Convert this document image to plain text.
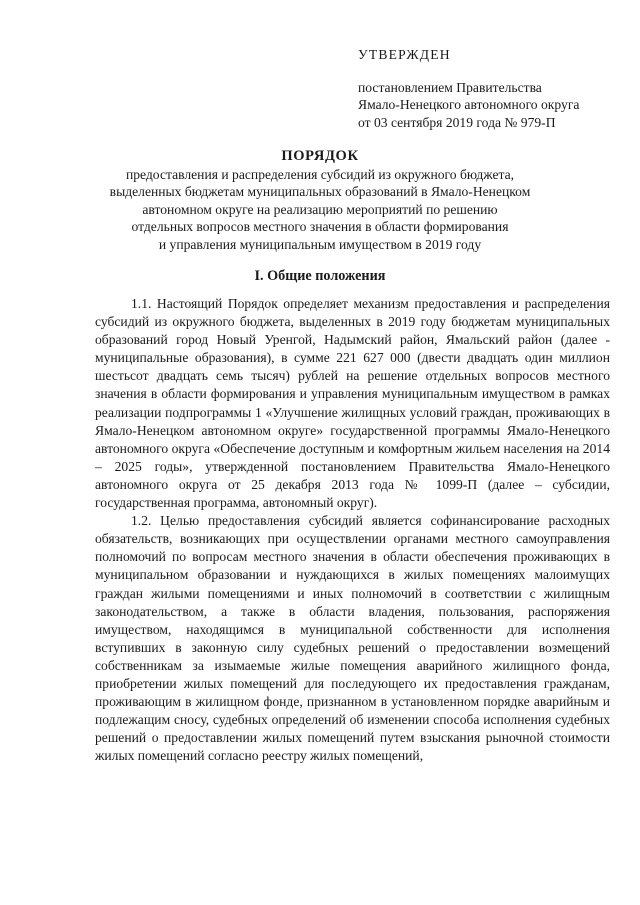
УТВЕРЖДЕН
постановлением Правительства
Ямало-Ненецкого автономного округа
от 03 сентября 2019 года № 979-П
ПОРЯДОК
предоставления и распределения субсидий из окружного бюджета,
выделенных бюджетам муниципальных образований в Ямало-Ненецком
автономном округе на реализацию мероприятий по решению
отдельных вопросов местного значения в области формирования
и управления муниципальным имуществом в 2019 году
I. Общие положения

1.1. Настоящий Порядок определяет механизм предоставления и распределения субсидий из окружного бюджета, выделенных в 2019 году бюджетам муниципальных образований город Новый Уренгой, Надымский район, Ямальский район (далее - муниципальные образования), в сумме 221 627 000 (двести двадцать один миллион шестьсот двадцать семь тысяч) рублей на решение отдельных вопросов местного значения в области формирования и управления муниципальным имуществом в рамках реализации подпрограммы 1 «Улучшение жилищных условий граждан, проживающих в Ямало-Ненецком автономном округе» государственной программы Ямало-Ненецкого автономного округа «Обеспечение доступным и комфортным жильем населения на 2014 – 2025 годы», утвержденной постановлением Правительства Ямало-Ненецкого автономного округа от 25 декабря 2013 года № 1099-П (далее – субсидии, государственная программа, автономный округ).

1.2. Целью предоставления субсидий является софинансирование расходных обязательств, возникающих при осуществлении органами местного самоуправления полномочий по вопросам местного значения в области обеспечения проживающих в муниципальном образовании и нуждающихся в жилых помещениях малоимущих граждан жилыми помещениями и иных полномочий в соответствии с жилищным законодательством, а также в области владения, пользования, распоряжения имуществом, находящимся в муниципальной собственности для исполнения вступивших в законную силу судебных решений о предоставлении возмещений собственникам за изымаемые жилые помещения аварийного жилищного фонда, приобретении жилых помещений для последующего их предоставления гражданам, проживающим в жилищном фонде, признанном в установленном порядке аварийным и подлежащим сносу, судебных определений об изменении способа исполнения судебных решений о предоставлении жилых помещений путем взыскания рыночной стоимости жилых помещений согласно реестру жилых помещений,
